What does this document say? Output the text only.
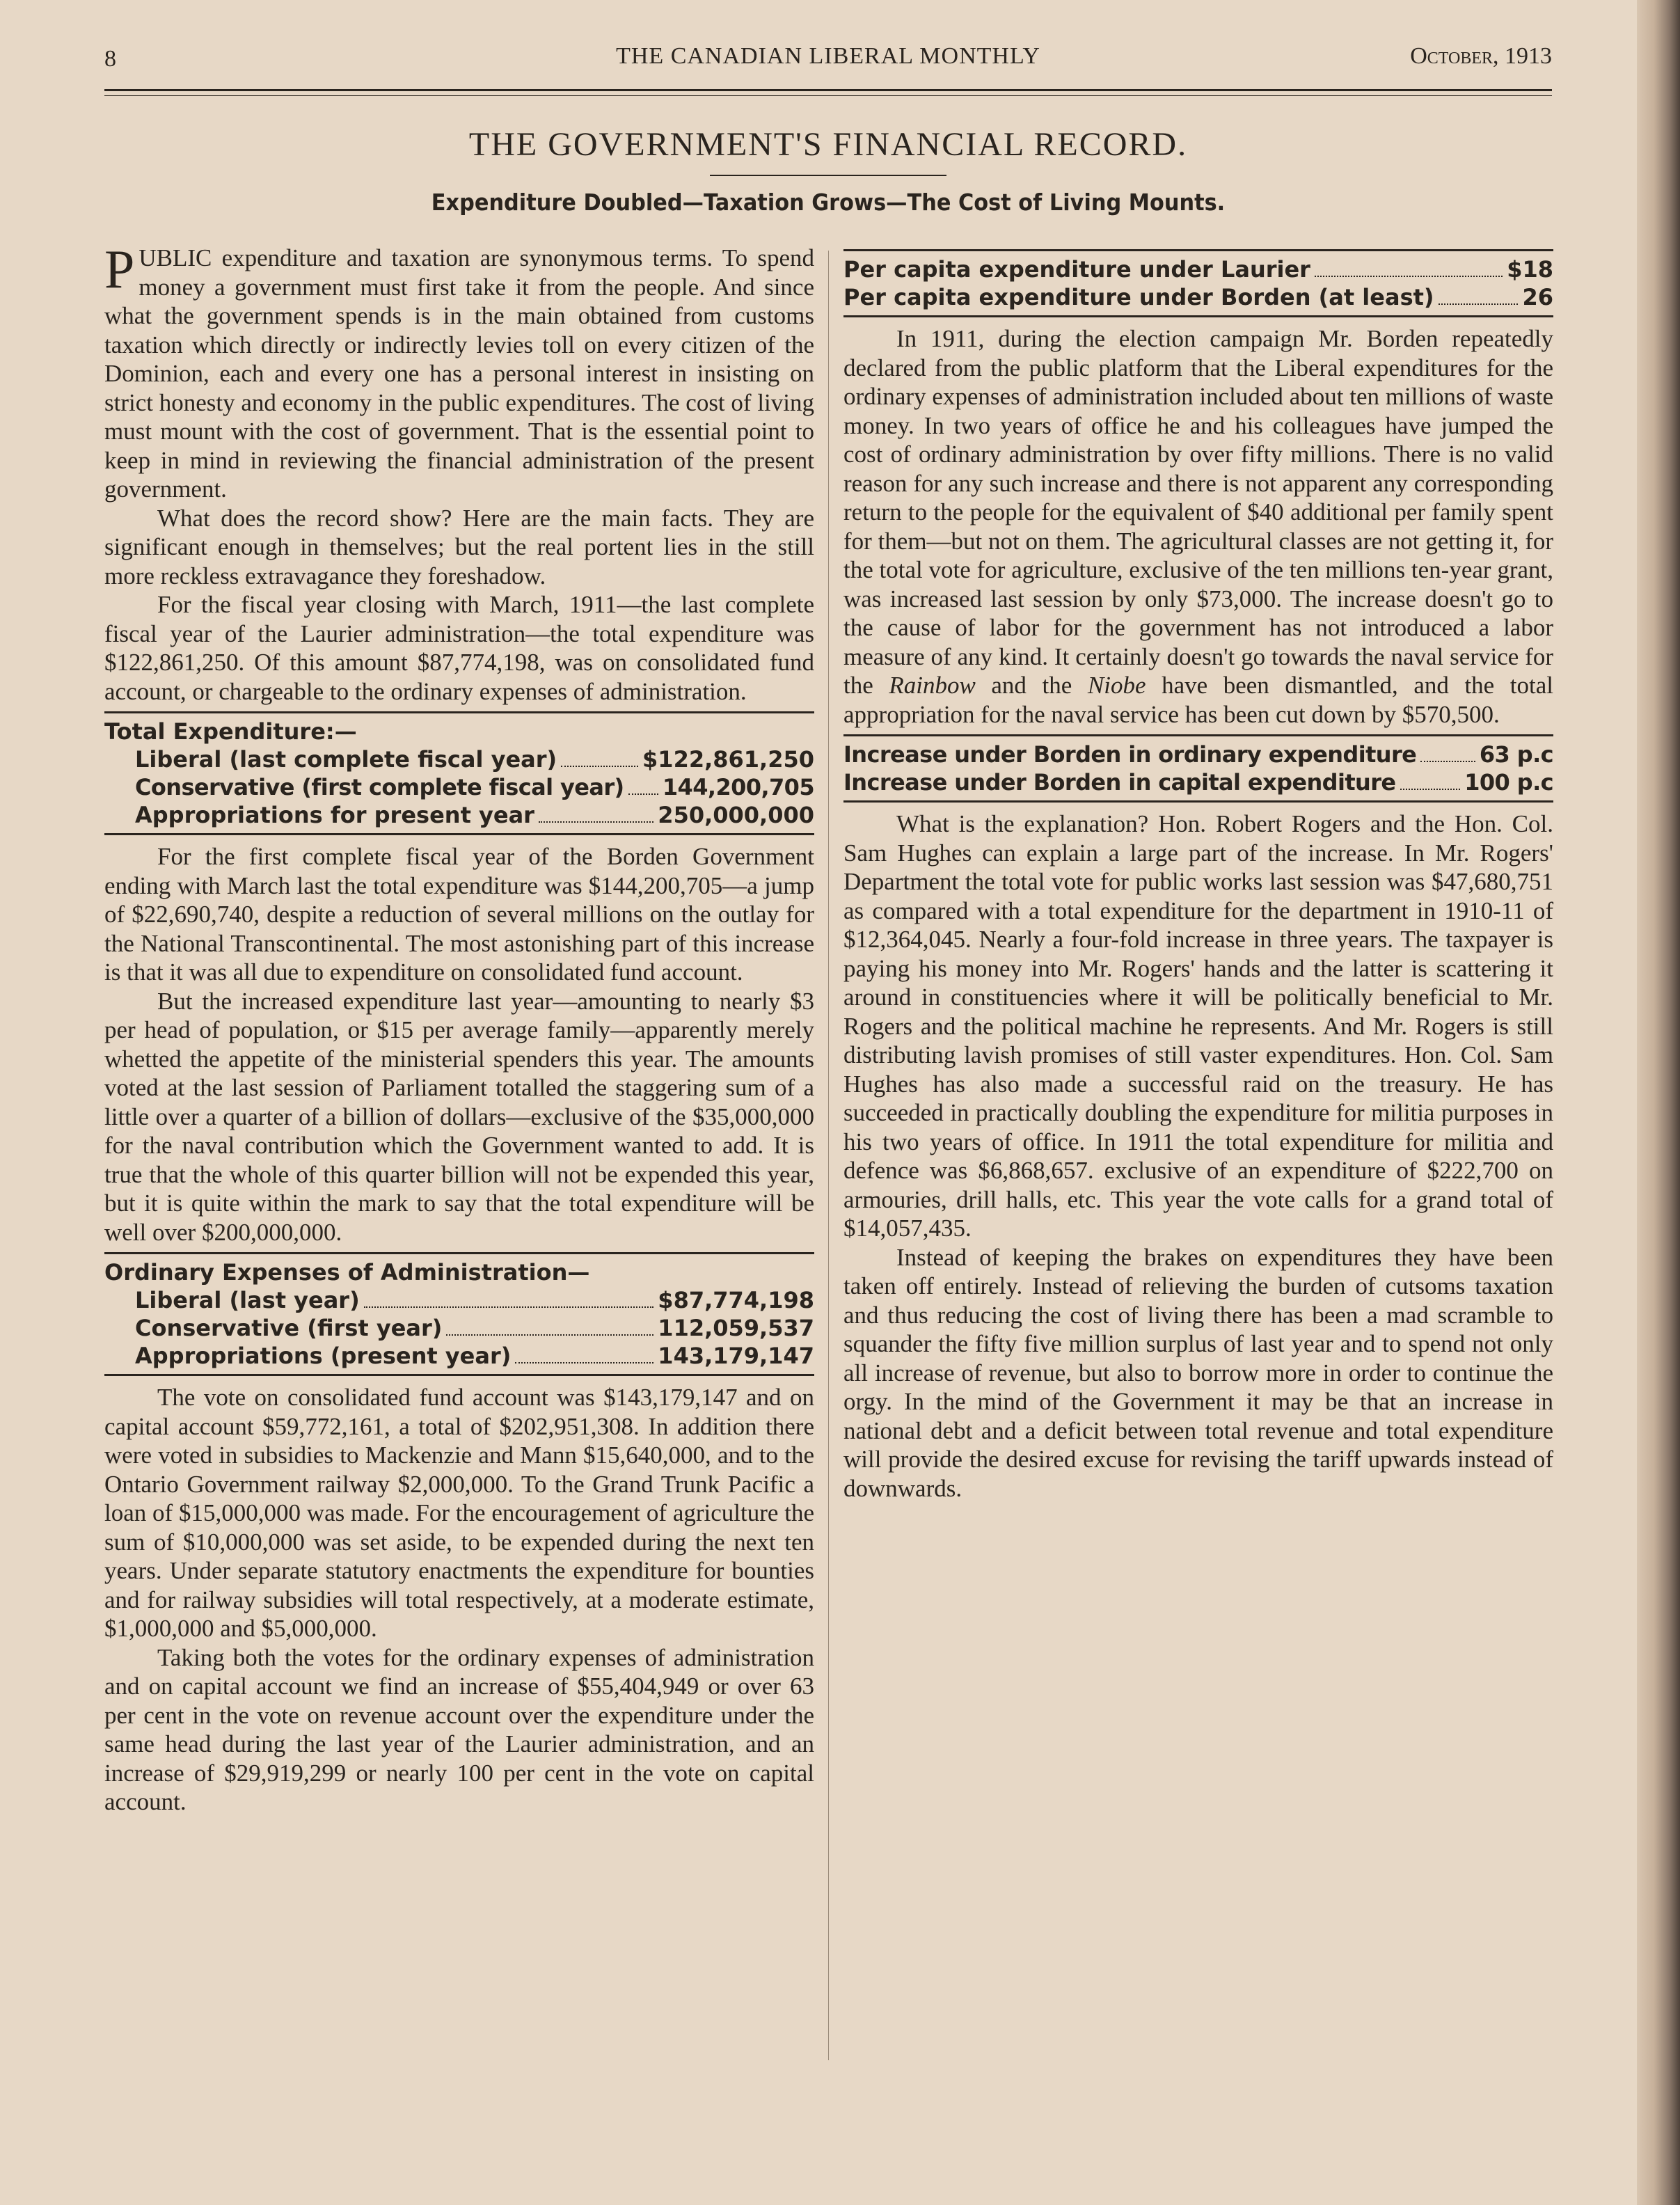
8	THE CANADIAN LIBERAL MONTHLY	October, 1913
THE GOVERNMENT'S FINANCIAL RECORD.
Expenditure Doubled—Taxation Grows—The Cost of Living Mounts.

PUBLIC expenditure and taxation are synonymous terms. To spend money a government must first take it from the people. And since what the government spends is in the main obtained from customs taxation which directly or indirectly levies toll on every citizen of the Dominion, each and every one has a personal interest in insisting on strict honesty and economy in the public expenditures. The cost of living must mount with the cost of government. That is the essential point to keep in mind in reviewing the financial administration of the present government.

What does the record show? Here are the main facts. They are significant enough in themselves; but the real portent lies in the still more reckless extravagance they foreshadow.

For the fiscal year closing with March, 1911—the last complete fiscal year of the Laurier administration—the total expenditure was $122,861,250. Of this amount $87,774,198, was on consolidated fund account, or chargeable to the ordinary expenses of administration.

Total Expenditure:—
Liberal (last complete fiscal year)	$122,861,250
Conservative (first complete fiscal year) 144,200,705
Appropriations for present year	250,000,000

For the first complete fiscal year of the Borden Government ending with March last the total expenditure was $144,200,705—a jump of $22,690,740, despite a reduction of several millions on the outlay for the National Transcontinental. The most astonishing part of this increase is that it was all due to expenditure on consolidated fund account.

But the increased expenditure last year—amounting to nearly $3 per head of population, or $15 per average family—apparently merely whetted the appetite of the ministerial spenders this year. The amounts voted at the last session of Parliament totalled the staggering sum of a little over a quarter of a billion of dollars—exclusive of the $35,000,000 for the naval contribution which the Government wanted to add. It is true that the whole of this quarter billion will not be expended this year, but it is quite within the mark to say that the total expenditure will be well over $200,000,000.

Ordinary Expenses of Administration—
Liberal (last year)	$87,774,198
Conservative (first year)	112,059,537
Appropriations (present year)	143,179,147

The vote on consolidated fund account was $143,179,147 and on capital account $59,772,161, a total of $202,951,308. In addition there were voted in subsidies to Mackenzie and Mann $15,640,000, and to the Ontario Government railway $2,000,000. To the Grand Trunk Pacific a loan of $15,000,000 was made. For the encouragement of agriculture the sum of $10,000,000 was set aside, to be expended during the next ten years. Under separate statutory enactments the expenditure for bounties and for railway subsidies will total respectively, at a moderate estimate, $1,000,000 and $5,000,000.

Taking both the votes for the ordinary expenses of administration and on capital account we find an increase of $55,404,949 or over 63 per cent in the vote on revenue account over the expenditure under the same head during the last year of the Laurier administration, and an increase of $29,919,299 or nearly 100 per cent in the vote on capital account.

Per capita expenditure under Laurier	$18
Per capita expenditure under Borden (at least)	26

In 1911, during the election campaign Mr. Borden repeatedly declared from the public platform that the Liberal expenditures for the ordinary expenses of administration included about ten millions of waste money. In two years of office he and his colleagues have jumped the cost of ordinary administration by over fifty millions. There is no valid reason for any such increase and there is not apparent any corresponding return to the people for the equivalent of $40 additional per family spent for them—but not on them. The agricultural classes are not getting it, for the total vote for agriculture, exclusive of the ten millions ten-year grant, was increased last session by only $73,000. The increase doesn't go to the cause of labor for the government has not introduced a labor measure of any kind. It certainly doesn't go towards the naval service for the Rainbow and the Niobe have been dismantled, and the total appropriation for the naval service has been cut down by $570,500.

Increase under Borden in ordinary expenditure	63 p.c
Increase under Borden in capital expenditure	100 p.c

What is the explanation? Hon. Robert Rogers and the Hon. Col. Sam Hughes can explain a large part of the increase. In Mr. Rogers' Department the total vote for public works last session was $47,680,751 as compared with a total expenditure for the department in 1910-11 of $12,364,045. Nearly a four-fold increase in three years. The taxpayer is paying his money into Mr. Rogers' hands and the latter is scattering it around in constituencies where it will be politically beneficial to Mr. Rogers and the political machine he represents. And Mr. Rogers is still distributing lavish promises of still vaster expenditures. Hon. Col. Sam Hughes has also made a successful raid on the treasury. He has succeeded in practically doubling the expenditure for militia purposes in his two years of office. In 1911 the total expenditure for militia and defence was $6,868,657. exclusive of an expenditure of $222,700 on armouries, drill halls, etc. This year the vote calls for a grand total of $14,057,435.

Instead of keeping the brakes on expenditures they have been taken off entirely. Instead of relieving the burden of cutsoms taxation and thus reducing the cost of living there has been a mad scramble to squander the fifty five million surplus of last year and to spend not only all increase of revenue, but also to borrow more in order to continue the orgy. In the mind of the Government it may be that an increase in national debt and a deficit between total revenue and total expenditure will provide the desired excuse for revising the tariff upwards instead of downwards.
